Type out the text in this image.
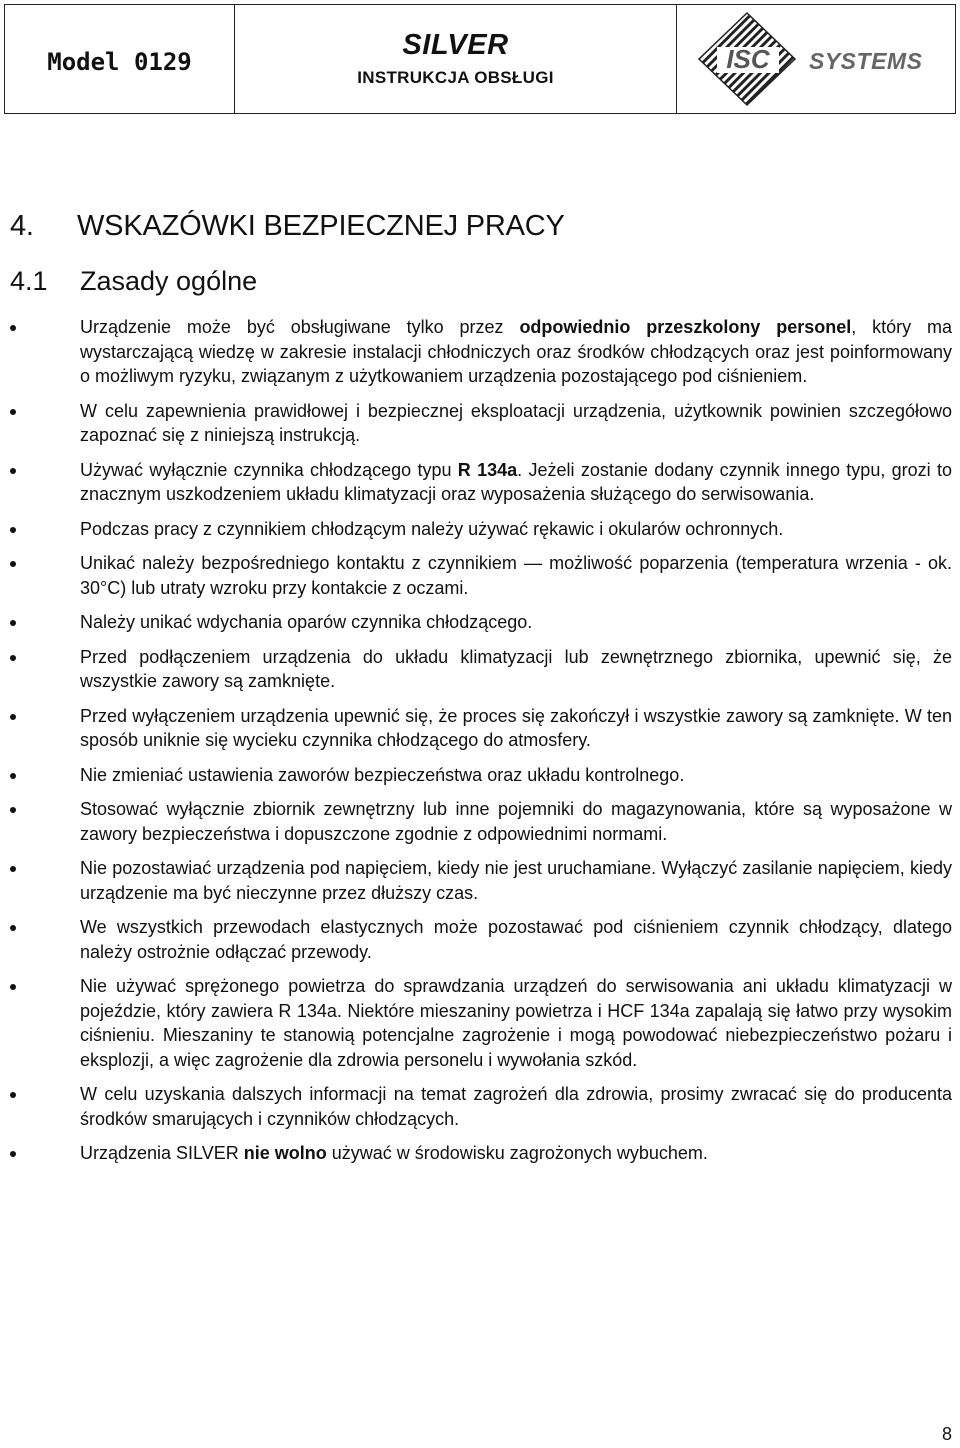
Model 0129
SILVER
INSTRUKCJA OBSŁUGI
ISC SYSTEMS
4. WSKAZÓWKI BEZPIECZNEJ PRACY
4.1 Zasady ogólne
Urządzenie może być obsługiwane tylko przez odpowiednio przeszkolony personel, który ma wystarczającą wiedzę w zakresie instalacji chłodniczych oraz środków chłodzących oraz jest poinformowany o możliwym ryzyku, związanym z użytkowaniem urządzenia pozostającego pod ciśnieniem.
W celu zapewnienia prawidłowej i bezpiecznej eksploatacji urządzenia, użytkownik powinien szczegółowo zapoznać się z niniejszą instrukcją.
Używać wyłącznie czynnika chłodzącego typu R 134a. Jeżeli zostanie dodany czynnik innego typu, grozi to znacznym uszkodzeniem układu klimatyzacji oraz wyposażenia służącego do serwisowania.
Podczas pracy z czynnikiem chłodzącym należy używać rękawic i okularów ochronnych.
Unikać należy bezpośredniego kontaktu z czynnikiem — możliwość poparzenia (temperatura wrzenia - ok. 30°C) lub utraty wzroku przy kontakcie z oczami.
Należy unikać wdychania oparów czynnika chłodzącego.
Przed podłączeniem urządzenia do układu klimatyzacji lub zewnętrznego zbiornika, upewnić się, że wszystkie zawory są zamknięte.
Przed wyłączeniem urządzenia upewnić się, że proces się zakończył i wszystkie zawory są zamknięte. W ten sposób uniknie się wycieku czynnika chłodzącego do atmosfery.
Nie zmieniać ustawienia zaworów bezpieczeństwa oraz układu kontrolnego.
Stosować wyłącznie zbiornik zewnętrzny lub inne pojemniki do magazynowania, które są wyposażone w zawory bezpieczeństwa i dopuszczone zgodnie z odpowiednimi normami.
Nie pozostawiać urządzenia pod napięciem, kiedy nie jest uruchamiane. Wyłączyć zasilanie napięciem, kiedy urządzenie ma być nieczynne przez dłuższy czas.
We wszystkich przewodach elastycznych może pozostawać pod ciśnieniem czynnik chłodzący, dlatego należy ostrożnie odłączać przewody.
Nie używać sprężonego powietrza do sprawdzania urządzeń do serwisowania ani układu klimatyzacji w pojeździe, który zawiera R 134a. Niektóre mieszaniny powietrza i HCF 134a zapalają się łatwo przy wysokim ciśnieniu. Mieszaniny te stanowią potencjalne zagrożenie i mogą powodować niebezpieczeństwo pożaru i eksplozji, a więc zagrożenie dla zdrowia personelu i wywołania szkód.
W celu uzyskania dalszych informacji na temat zagrożeń dla zdrowia, prosimy zwracać się do producenta środków smarujących i czynników chłodzących.
Urządzenia SILVER nie wolno używać w środowisku zagrożonych wybuchem.
8
